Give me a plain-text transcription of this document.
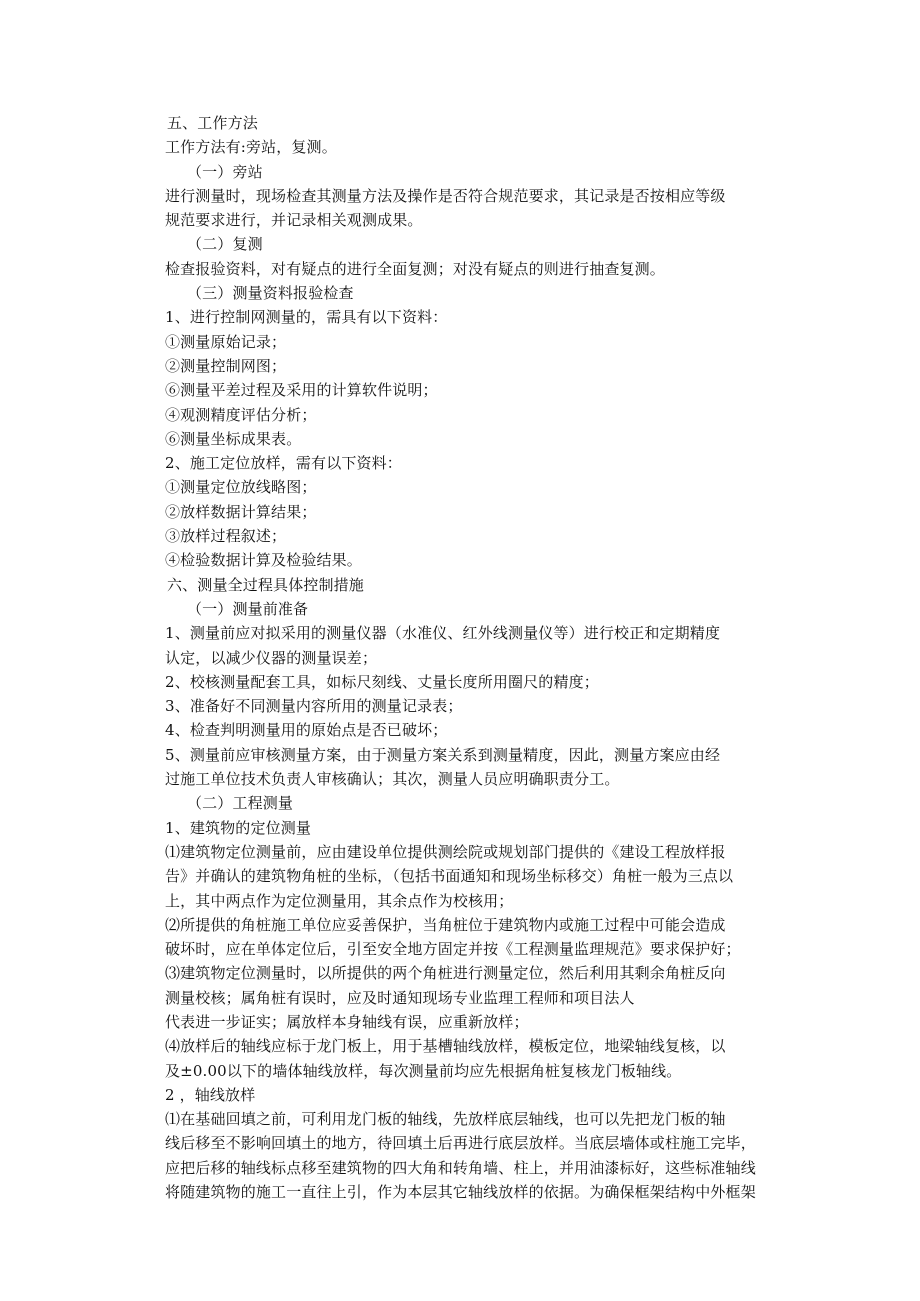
五、工作方法
工作方法有:旁站，复测。
（一）旁站
进行测量时，现场检查其测量方法及操作是否符合规范要求，其记录是否按相应等级
规范要求进行，并记录相关观测成果。
（二）复测
检查报验资料，对有疑点的进行全面复测；对没有疑点的则进行抽查复测。
（三）测量资料报验检查
1、进行控制网测量的，需具有以下资料：
①测量原始记录；
②测量控制网图；
⑥测量平差过程及采用的计算软件说明；
④观测精度评估分析；
⑥测量坐标成果表。
2、施工定位放样，需有以下资料：
①测量定位放线略图；
②放样数据计算结果；
③放样过程叙述；
④检验数据计算及检验结果。
六、测量全过程具体控制措施
（一）测量前准备
1、测量前应对拟采用的测量仪器（水准仪、红外线测量仪等）进行校正和定期精度
认定，以减少仪器的测量误差；
2、校核测量配套工具，如标尺刻线、丈量长度所用圈尺的精度；
3、准备好不同测量内容所用的测量记录表；
4、检查判明测量用的原始点是否已破坏；
5、测量前应审核测量方案，由于测量方案关系到测量精度，因此，测量方案应由经
过施工单位技术负责人审核确认；其次，测量人员应明确职责分工。
（二）工程测量
1、建筑物的定位测量
⑴建筑物定位测量前，应由建设单位提供测绘院或规划部门提供的《建设工程放样报
告》并确认的建筑物角桩的坐标，（包括书面通知和现场坐标移交）角桩一般为三点以
上，其中两点作为定位测量用，其余点作为校核用；
⑵所提供的角桩施工单位应妥善保护，当角桩位于建筑物内或施工过程中可能会造成
破坏时，应在单体定位后，引至安全地方固定并按《工程测量监理规范》要求保护好；
⑶建筑物定位测量时，以所提供的两个角桩进行测量定位，然后利用其剩余角桩反向
测量校核；属角桩有误时，应及时通知现场专业监理工程师和项目法人
代表进一步证实；属放样本身轴线有误，应重新放样；
⑷放样后的轴线应标于龙门板上，用于基槽轴线放样，模板定位，地梁轴线复核，以
及±0.00以下的墙体轴线放样，每次测量前均应先根据角桩复核龙门板轴线。
2 ，轴线放样
⑴在基础回填之前，可利用龙门板的轴线，先放样底层轴线，也可以先把龙门板的轴
线后移至不影响回填土的地方，待回填土后再进行底层放样。当底层墙体或柱施工完毕，
应把后移的轴线标点移至建筑物的四大角和转角墙、柱上，并用油漆标好，这些标准轴线
将随建筑物的施工一直往上引，作为本层其它轴线放样的依据。为确保框架结构中外框架
